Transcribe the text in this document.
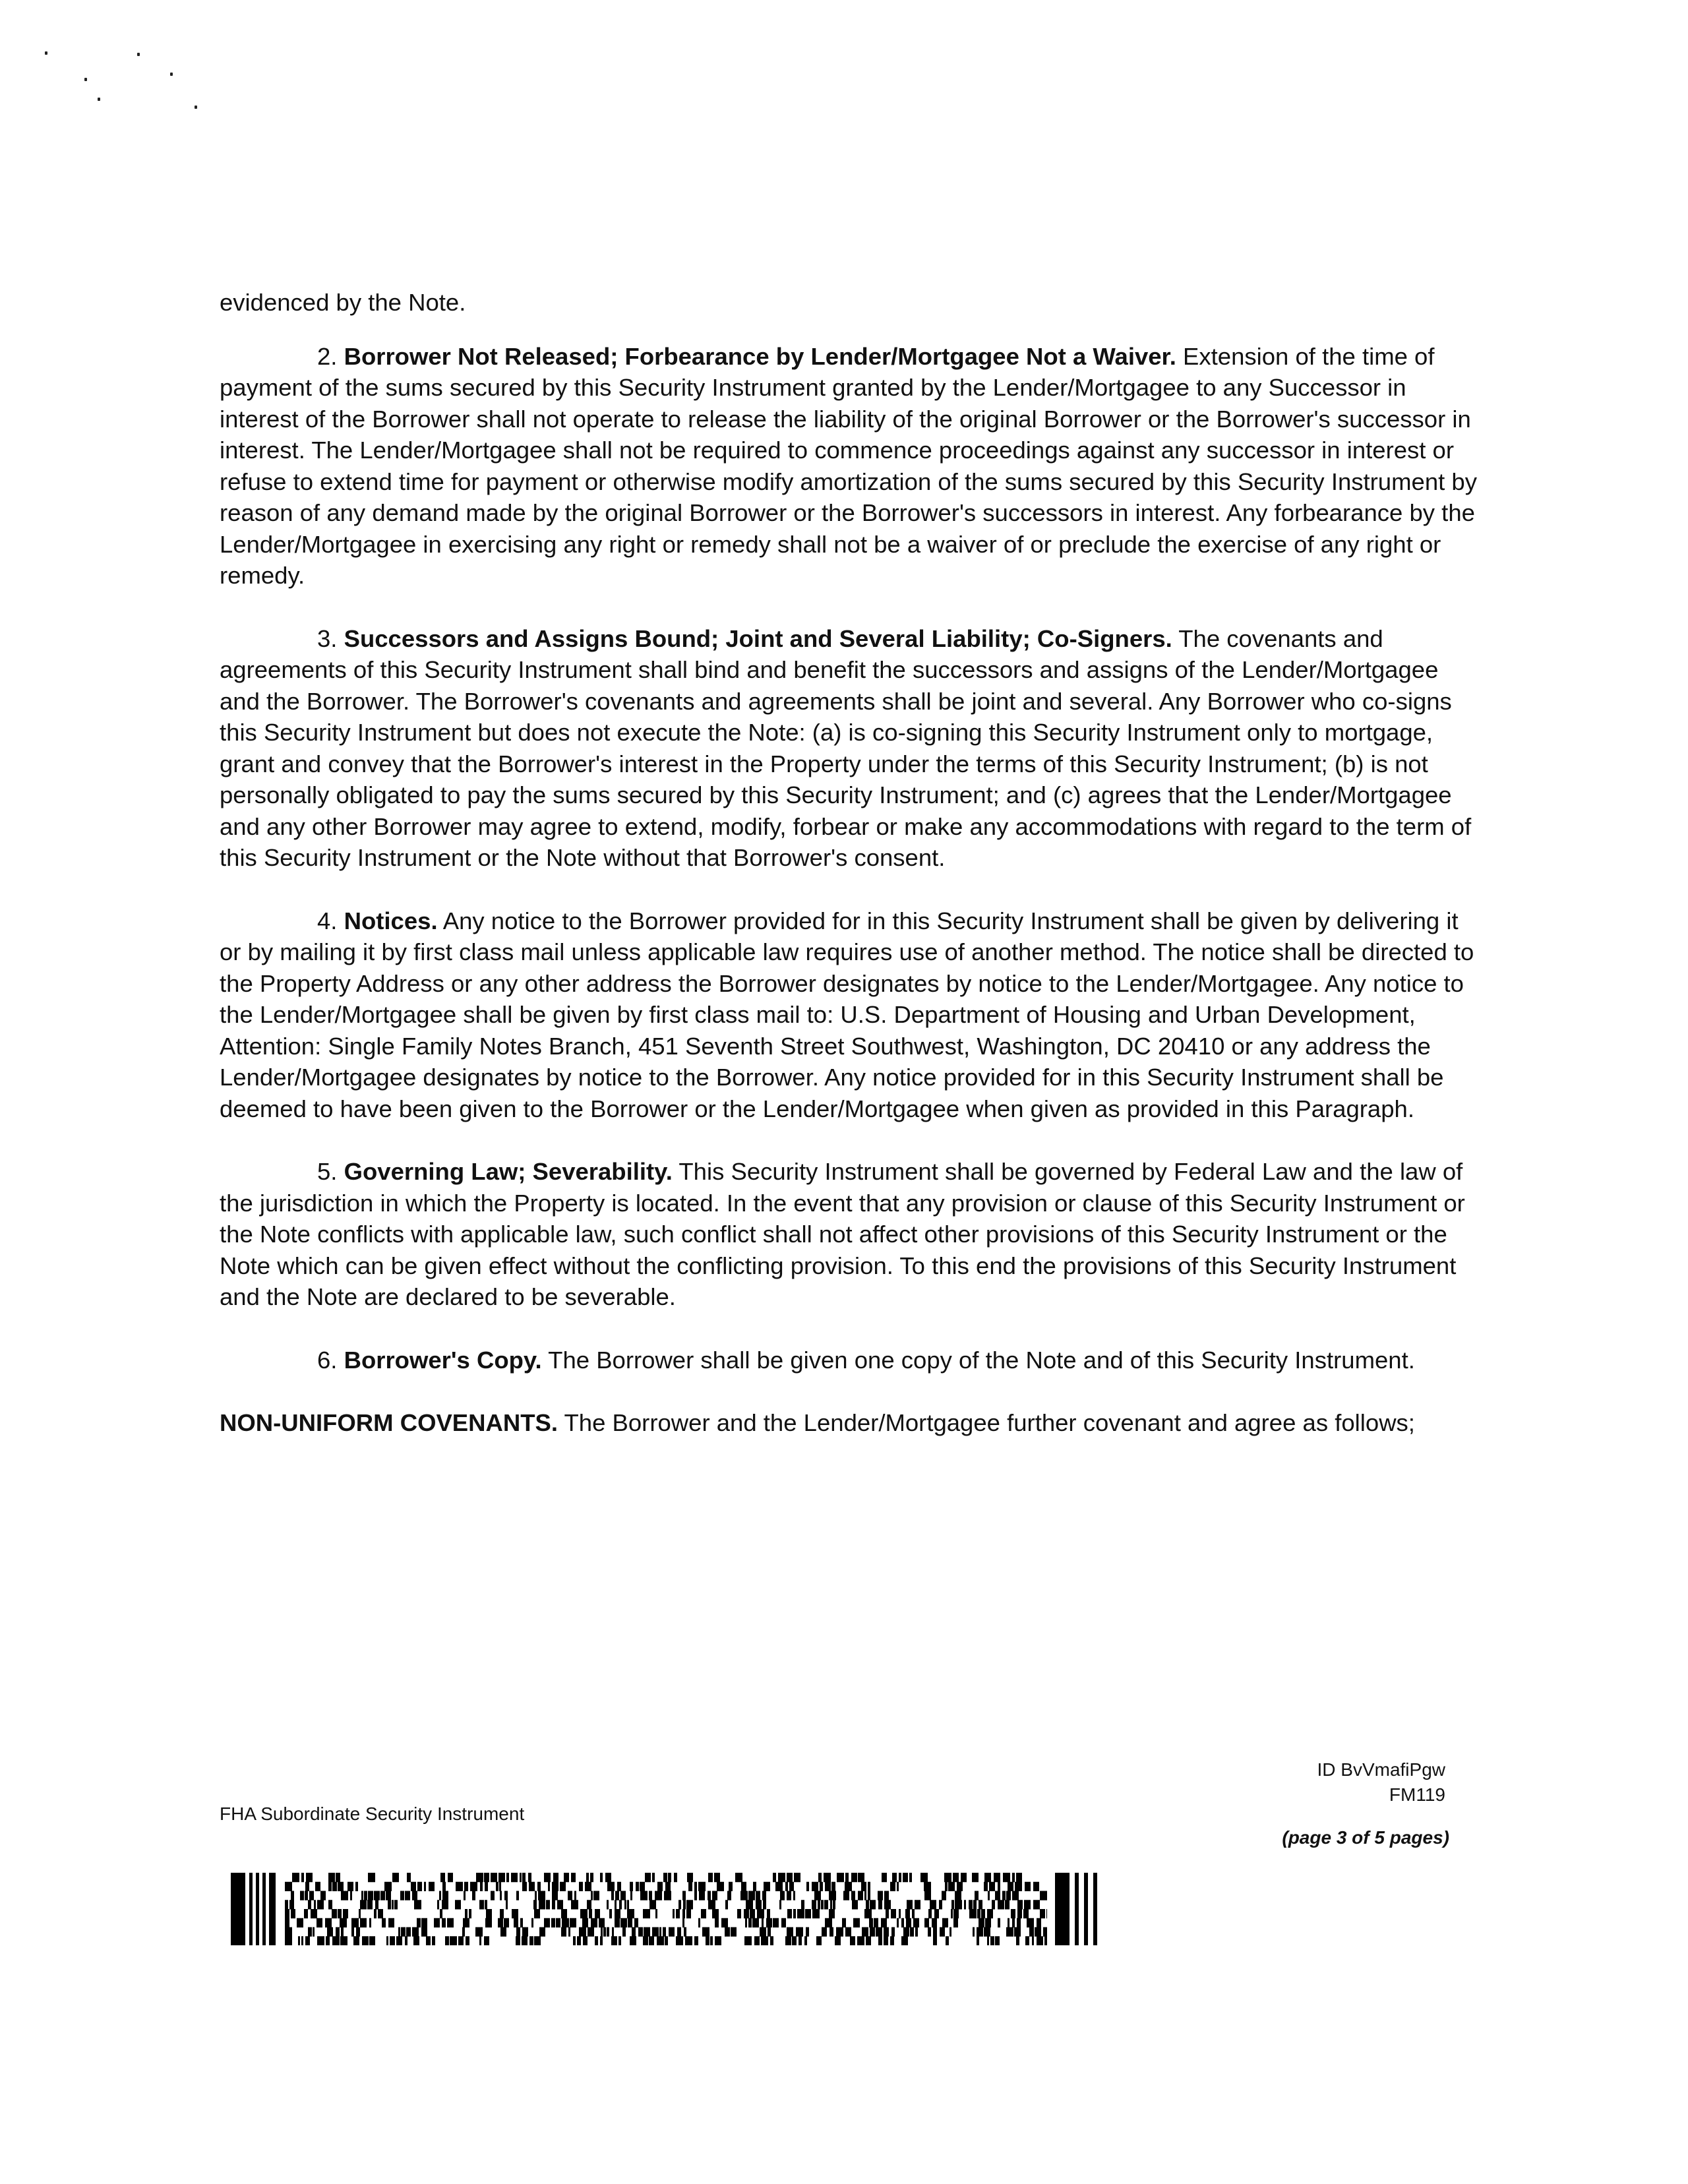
evidenced by the Note.

2. Borrower Not Released; Forbearance by Lender/Mortgagee Not a Waiver. Extension of the time of payment of the sums secured by this Security Instrument granted by the Lender/Mortgagee to any Successor in interest of the Borrower shall not operate to release the liability of the original Borrower or the Borrower's successor in interest. The Lender/Mortgagee shall not be required to commence proceedings against any successor in interest or refuse to extend time for payment or otherwise modify amortization of the sums secured by this Security Instrument by reason of any demand made by the original Borrower or the Borrower's successors in interest. Any forbearance by the Lender/Mortgagee in exercising any right or remedy shall not be a waiver of or preclude the exercise of any right or remedy.

3. Successors and Assigns Bound; Joint and Several Liability; Co-Signers. The covenants and agreements of this Security Instrument shall bind and benefit the successors and assigns of the Lender/Mortgagee and the Borrower. The Borrower's covenants and agreements shall be joint and several. Any Borrower who co-signs this Security Instrument but does not execute the Note: (a) is co-signing this Security Instrument only to mortgage, grant and convey that the Borrower's interest in the Property under the terms of this Security Instrument; (b) is not personally obligated to pay the sums secured by this Security Instrument; and (c) agrees that the Lender/Mortgagee and any other Borrower may agree to extend, modify, forbear or make any accommodations with regard to the term of this Security Instrument or the Note without that Borrower's consent.

4. Notices. Any notice to the Borrower provided for in this Security Instrument shall be given by delivering it or by mailing it by first class mail unless applicable law requires use of another method. The notice shall be directed to the Property Address or any other address the Borrower designates by notice to the Lender/Mortgagee. Any notice to the Lender/Mortgagee shall be given by first class mail to: U.S. Department of Housing and Urban Development, Attention: Single Family Notes Branch, 451 Seventh Street Southwest, Washington, DC 20410 or any address the Lender/Mortgagee designates by notice to the Borrower. Any notice provided for in this Security Instrument shall be deemed to have been given to the Borrower or the Lender/Mortgagee when given as provided in this Paragraph.

5. Governing Law; Severability. This Security Instrument shall be governed by Federal Law and the law of the jurisdiction in which the Property is located. In the event that any provision or clause of this Security Instrument or the Note conflicts with applicable law, such conflict shall not affect other provisions of this Security Instrument or the Note which can be given effect without the conflicting provision. To this end the provisions of this Security Instrument and the Note are declared to be severable.

6. Borrower's Copy. The Borrower shall be given one copy of the Note and of this Security Instrument.

NON-UNIFORM COVENANTS. The Borrower and the Lender/Mortgagee further covenant and agree as follows;

FHA Subordinate Security Instrument
ID BvVmafiPgw
FM119
(page 3 of 5 pages)
